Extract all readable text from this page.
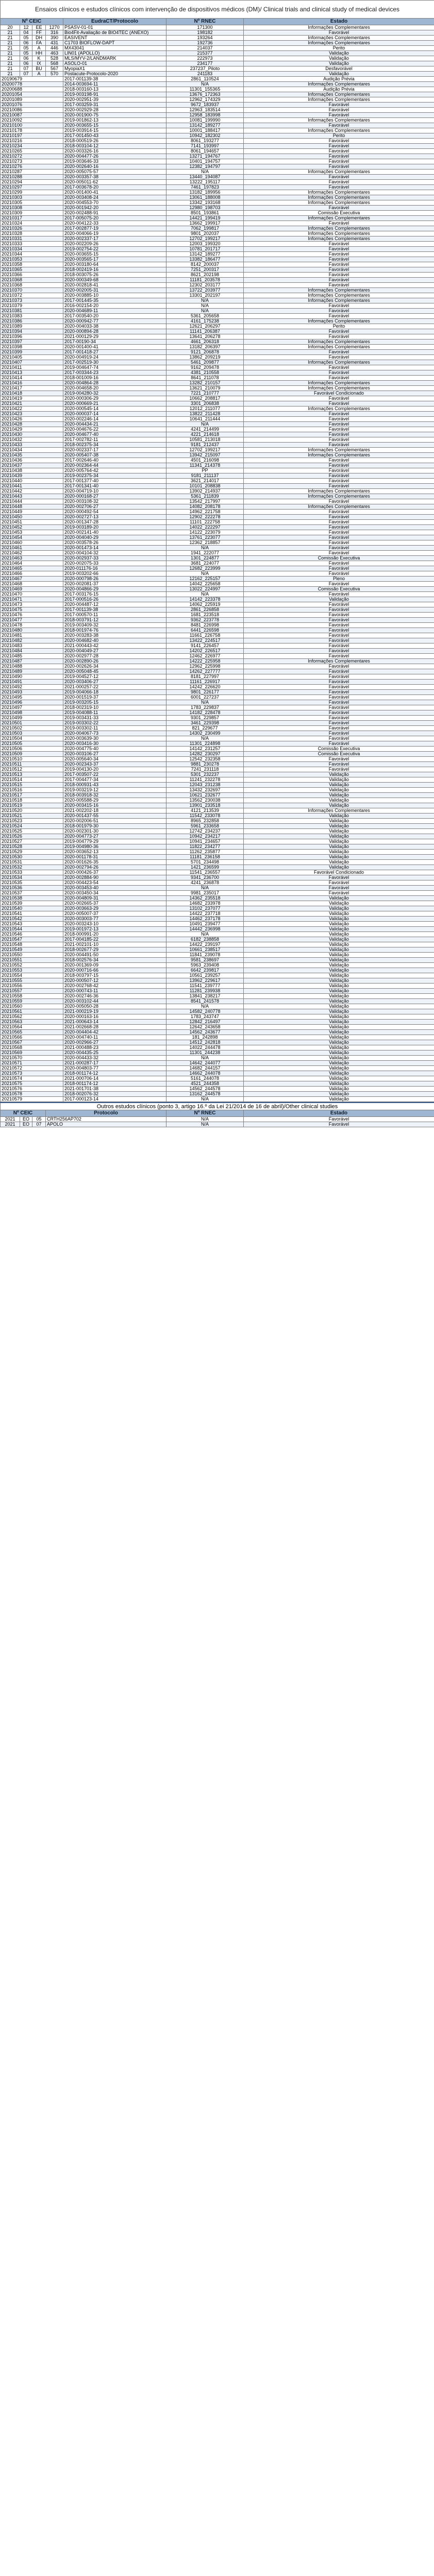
Ensaios clínicos e estudos clínicos com intervenção de dispositivos médicos (DM)/ Clinical trials and clinical study of medical devices						
Nº CEIC				EudraCT/Protocolo	Nº RNEC	Estado
20	12	EE	1270	PSASV-01-01	171300	Informações Complementares
21	04	FF	316	Bio4Fit-Avaliação de BIO4TEC (ANEXO)	198182	Favorável
21	05	DH	390	EASIVENT	193264	Informações Complementares
21	06	FA	431	C1703 BIOFLOW-DAPT	192736	Informações Complementares
21	05	A	446	MX43041	214037	Perito
21	05	HH	463	LIN01 (APOLLO)	215377	Validação
21	06	K	528	MLS/MYV-2/LANDMARK	222973	Validação
21	06	IX	568	ASOLO-01	234177	Validação
21	07	BU	567	MyopiaX1	237237_Piloto	Desfavorável
21	07	A	570	Postacute-Protocolo-2020	241183	Validação
20190679				2017-001139-38	2861_110524	Audição Prévia
20200778				2014-003694-11	N/A	Informações Complementares
20200688				2018-003160-13	11301_155365	Audição Prévia
20201054				2019-003198-91	13676_172363	Informações Complementares
20201089				2020-002951-39	12962_174329	Informações Complementares
20201076				2017-003259-31	9672_183937	Favorável
20210086				2020-002929-28	12963_183514	Favorável
20210087				2020-001900-75	12958_183998	Favorável
20210092				2019-001862-13	10081_199990	Informações Complementares
20210100				2020-003655-15	13142_189277	Favorável
20210178				2019-003914-15	10001_188417	Informações Complementares
20210197				2017-001450-43	10942_182302	Perito
20210216				2018-000519-26	8061_193277	Favorável
20210234				2018-003104-12	7141_193997	Favorável
20210265				2020-003326-16	8061_194657	Favorável
20210272				2020-004477-26	13271_194767	Favorável
20210273				2019-003646-33	10401_194757	Favorável
20210276				2020-002640-16	12382_194797	Favorável
20210287				2020-005075-57	N/A	Informações Complementares
20210288				2020-003357-38	13440_194087	Favorável
20210294				2020-005011-62	13222_195117	Favorável
20210297				2017-003678-20	7461_197823	Favorável
20210299				2020-001400-41	13182_189956	Informações Complementares
20210303				2020-003408-24	13061_188008	Informações Complementares
20210305				2020-004553-70	13342_193168	Informações Complementares
20210308				2020-001942-20	12980_198703	Favorável
20210309				2020-002488-91	8501_193861	Comissão Executiva
20210317				2017-005075-20	14421_199419	Informações Complementares
20210324				2020-004122-33	13662_199917	Favorável
20210326				2017-002877-19	7062_199817	Informações Complementares
20210328				2020-004066-19	9801_202037	Informações Complementares
20210331				2020-002337-17	12702_199217	Informações Complementares
20210333				2020-002209-26	12003_199320	Favorável
20210334				2019-002754-22	10781_201717	Favorável
20210344				2020-003655-15	13142_189277	Favorável
20210353				2020-003565-17	13382_186477	Favorável
20210358				2020-003180-64	8142_200037	Favorável
20210365				2018-002419-16	7251_200317	Favorável
20210366				2018-003075-26	8621_202198	Favorável
20210368				2020-000349-68	11181_203578	Favorável
20210368				2020-002818-41	12302_203177	Favorável
20210370				2020-002005-31	13722_203977	Informações Complementares
20210372				2020-003885-10	13301_202197	Informações Complementares
20210373				2017-001445-35	N/A	Informações Complementares
20210379				2016-002154-20	N/A	Favorável
20210381				2020-004689-11	N/A	Favorável
20210383				2017-003540-20	5361_205658	Favorável
20210386				2020-000942-77	4161_175238	Informações Complementares
20210389				2020-004033-38	12621_206297	Perito
20210394				2020-000894-28	11141_206387	Favorável
20210396				2021-000129-29	13641_206278	Favorável
20210397				2017-00190-34	4661_206318	Informações Complementares
20210398				2020-001400-41	13182_206397	Informações Complementares
20210399				2017-001418-27	9121_206878	Favorável
20210405				2020-004919-24	13862_209219	Favorável
20210407				2017-002519-30	5461_209877	Informações Complementares
20210411				2019-004647-74	9162_209478	Favorável
20210413				2017-003344-23	4381_210558	Favorável
20210414				2018-001009-16	8641_211078	Favorável
20210416				2020-004864-28	13282_210157	Informações Complementares
20210417				2020-004658-20	13621_210079	Informações Complementares
20210418				2019-004280-32	7221_210777	Favorável Condicionado
20210419				2020-000306-29	10662_208817	Favorável
20210421				2020-000669-21	3301_206838	Favorável
20210422				2020-000545-14	12012_211077	Informações Complementares
20210423				2020-000037-14	13822_211428	Favorável
20210426				2020-002246-14	10641_211444	Favorável
20210428				2020-004434-21	N/A	Favorável
20210429				2020-004676-22	4241_214499	Favorável
20210430				2020-004677-40	4221_214618	Favorável
20210432				2017-002782-11	10581_213018	Favorável
20210433				2018-002375-34	9181_212437	Favorável
20210434				2020-002337-17	12702_199217	Informações Complementares
20210435				2020-005407-38	13942_215097	Informações Complementares
20210436				2017-002646-40	4501_216098	Favorável
20210437				2020-002364-44	11341_214378	Favorável
20210438				2020-005764-42	PP	Favorável
20210439				2019-002375-34	9181_211137	Favorável
20210440				2017-001377-40	3621_214017	Favorável
20210441				2017-001341-40	10101_208838	Favorável
20210442				2020-004719-10	13902_214937	Informações Complementares
20210443				2020-000168-27	5361_211839	Informações Complementares
20210444				2020-003108-32	13542_217997	Favorável
20210448				2020-002706-27	14082_208178	Informações Complementares
20210449				2020-000492-54	14962_221758	Favorável
20210450				2020-002727-13	12902_222278	Favorável
20210451				2020-001347-28	11101_222758	Favorável
20210452				2019-003189-20	14022_222297	Favorável
20210453				2020-002141-40	14122_223079	Favorável
20210454				2020-004040-29	13761_223077	Favorável
20210460				2020-003578-26	12362_218857	Favorável
20210461				2020-001473-14	N/A	Favorável
20210462				2020-004104-32	1941_222077	Favorável
20210463				2020-002937-33	1301_224877	Comissão Executiva
20210464				2020-002075-33	3681_224077	Favorável
20210465				2020-011176-16	12682_223999	Favorável
20210466				2019-003202-66	N/A	Favorável
20210467				2020-000798-26	12162_225157	Pleno
20210468				2020-002081-37	14042_225658	Favorável
20210469				2020-004866-29	13022_224997	Comissão Executiva
20210470				2017-003176-15	N/A	Favorável
20210471				2017-000516-26	14142_223378	Validação
20210473				2020-004487-12	14062_225919	Favorável
20210475				2017-001139-38	2861_226858	Favorável
20210476				2017-000570-11	1681_223518	Favorável
20210477				2018-003791-12	9362_223778	Favorável
20210478				2019-003409-32	8481_226998	Favorável
20210480				2018-001974-76	6441_226598	Favorável
20210481				2020-003283-38	11661_226758	Favorável
20210482				2020-004682-40	13422_224517	Favorável
20210483				2021-000443-42	9141_226457	Favorável
20210484				2020-004049-27	14202_226517	Favorável
20210485				2020-002977-28	12462_226977	Favorável
20210487				2020-002890-26	14222_225958	Informações Complementares
20210488				2020-002626-34	12962_225998	Favorável
20210489				2020-005048-45	14262_227777	Favorável
20210490				2019-004527-12	8181_227997	Favorável
20210491				2020-003406-27	11161_226917	Favorável
20210492				2021-000257-22	14242_226620	Favorável
20210493				2019-004066-18	9801_226177	Favorável
20210495				2020-001519-37	6001_227237	Favorável
20210496				2019-003205-15	N/A	Favorável
20210497				2018-002319-10	1783_229837	Favorável
20210498				2019-004088-11	14182_228478	Favorável
20210499				2019-003431-33	9301_229857	Favorável
20210501				2019-003302-22	3461_229398	Favorável
20210502				2019-003302-11	821_229677	Favorável
20210503				2020-004067-73	14302_230499	Favorável
20210504				2020-003639-30	N/A	Favorável
20210505				2020-003416-30	11301_224898	Favorável
20210506				2020-004775-40	14142_231257	Comissão Executiva
20210509				2020-003106-27	14282_230297	Comissão Executiva
20210510				2020-005640-34	12542_232358	Favorável
20210511				2020-002343-37	9881_230278	Favorável
20210512				2019-004130-20	7241_231118	Favorável
20210513				2017-003507-22	5301_232237	Validação
20210514				2017-004477-34	11241_232278	Validação
20210515				2018-000931-43	12043_231238	Validação
20210516				2019-003219-12	13432_232697	Validação
20210517				2018-003918-32	10621_232677	Validação
20210518				2020-005588-29	13562_230038	Validação
20210519				2020-003415-16	13901_233518	Validação
20210520				2021-002202-18	4121_213539	Informações Complementares
20210521				2020-001437-55	11542_233078	Validação
20210523				2020-002006-51	8965_232858	Validação
20210524				2018-001979-30	5961_233658	Validação
20210525				2020-002301-30	12742_234237	Validação
20210526				2020-004773-27	10942_234217	Validação
20210527				2019-004779-29	10941_234657	Validação
20210528				2019-004980-36	11822_234277	Validação
20210529				2020-003652-13	11262_235877	Validação
20210530				2020-001178-31	11181_236158	Validação
20210531				2020-001626-35	5701_234498	Validação
20210532				2020-002794-26	1421_236599	Validação
20210533				2020-000426-37	11541_236557	Favorável Condicionado
20210534				2020-002884-90	9341_236700	Favorável
20210535				2020-004423-54	4241_236878	Favorável
20210536				2020-003453-40	N/A	Favorável
20210537				2020-003450-34	9981_235017	Favorável
20210538				2020-004809-31	14362_235518	Validação
20210539				2020-002665-37	14682_233978	Validação
20210540				2020-003663-29	13102_237077	Validação
20210541				2020-005007-37	14422_237718	Validação
20210542				2020-003003-77	14462_237178	Validação
20210543				2020-003243-10	10491_239477	Validação
20210544				2019-001972-13	14442_236998	Validação
20210546				2018-000991-20	N/A	Validação
20210547				2017-004185-22	6182_238858	Validação
20210548				2021-002101-10	14422_239197	Validação
20210549				2018-002677-29	10661_238517	Validação
20210550				2020-004491-50	11841_239078	Validação
20210551				2018-002576-34	9581_238697	Validação
20210552				2020-001369-09	5963_239408	Validação
20210553				2020-000716-66	6642_239817	Validação
20210554				2018-003797-15	10561_239257	Validação
20210555				2020-000507-12	13962_229617	Validação
20210556				2020-002768-42	11541_239777	Validação
20210557				2020-000743-11	11281_239938	Validação
20210558				2020-002746-36	13841_238217	Validação
20210559				2020-003102-44	8541_241578	Validação
20210560				2020-005050-28	N/A	Validação
20210561				2021-000219-19	14582_240778	Validação
20210562				2020-000163-16	1783_243747	Validação
20210563				2021-000643-14	12842_216497	Validação
20210564				2021-002668-28	12642_243658	Validação
20210565				2020-004404-42	14562_243677	Validação
20210566				2020-004740-11	181_242898	Validação
20210567				2020-002966-27	14512_242818	Validação
20210568				2021-000488-23	14022_244478	Validação
20210569				2020-004435-25	11301_244238	Validação
20210570				2020-004433-32	N/A	Validação
20210571				2021-000287-17	14642_244077	Validação
20210572				2020-004803-77	14682_244157	Validação
20210573				2018-001174-12	14662_244078	Validação
20210574				2021-000706-14	5161_244078	Validação
20210575				2018-001174-12	4521_244358	Validação
20210576				2021-001701-38	14562_244578	Validação
20210578				2018-002076-32	13162_244578	Validação
20210579				2017-000123-14	N/A	Validação
Outros estudos clínicos (ponto 3, artigo 16.º da Lei 21/2014 de 16 de abril)/Other clinical studies					
Nº CEIC			Protocolo	Nº RNEC	Estado
2021	EO	05	CRTH256AP702	N/A	Favorável
2021	EO	07	APOLO	N/A	Favorável
